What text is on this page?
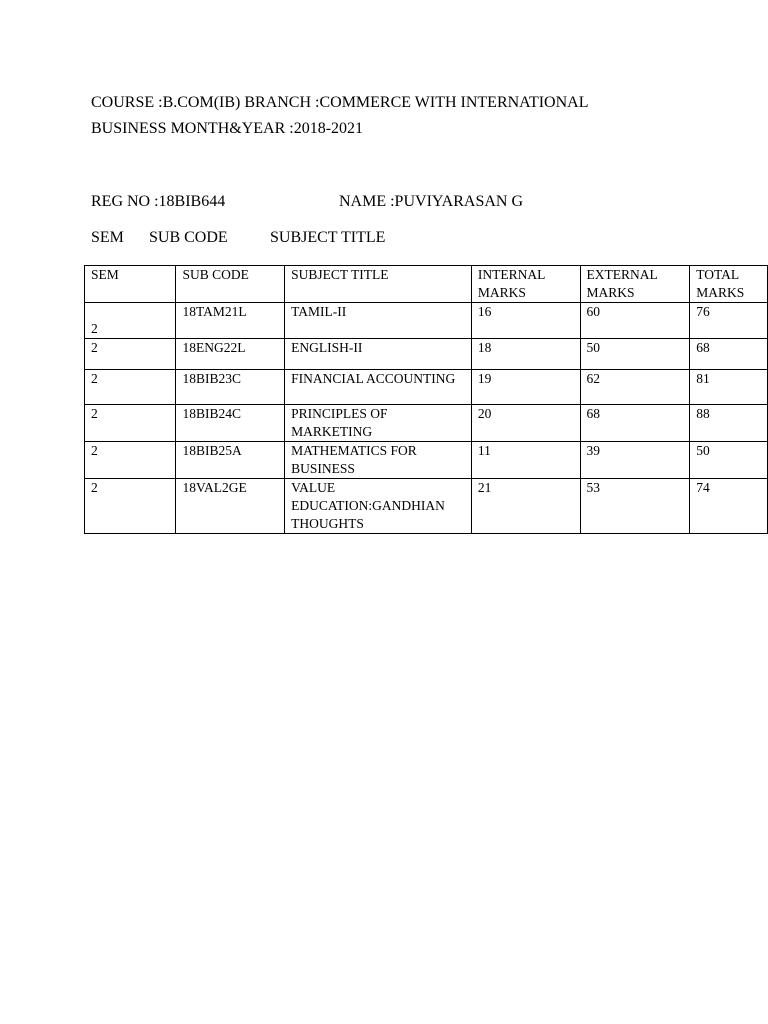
COURSE :B.COM(IB) BRANCH :COMMERCE WITH INTERNATIONAL
BUSINESS MONTH&YEAR :2018-2021
REG NO :18BIB644	NAME :PUVIYARASAN G
SEM SUB CODE	SUBJECT TITLE
SEM	SUB CODE	SUBJECT TITLE	INTERNAL MARKS	EXTERNAL MARKS	TOTAL MARKS

2	18TAM21L	TAMIL-II	16	60	76
2	18ENG22L	ENGLISH-II	18	50	68
2	18BIB23C	FINANCIAL ACCOUNTING	19	62	81
2	18BIB24C	PRINCIPLES OF MARKETING	20	68	88
2	18BIB25A	MATHEMATICS FOR BUSINESS	11	39	50
2	18VAL2GE	VALUE EDUCATION:GANDHIAN THOUGHTS	21	53	74
